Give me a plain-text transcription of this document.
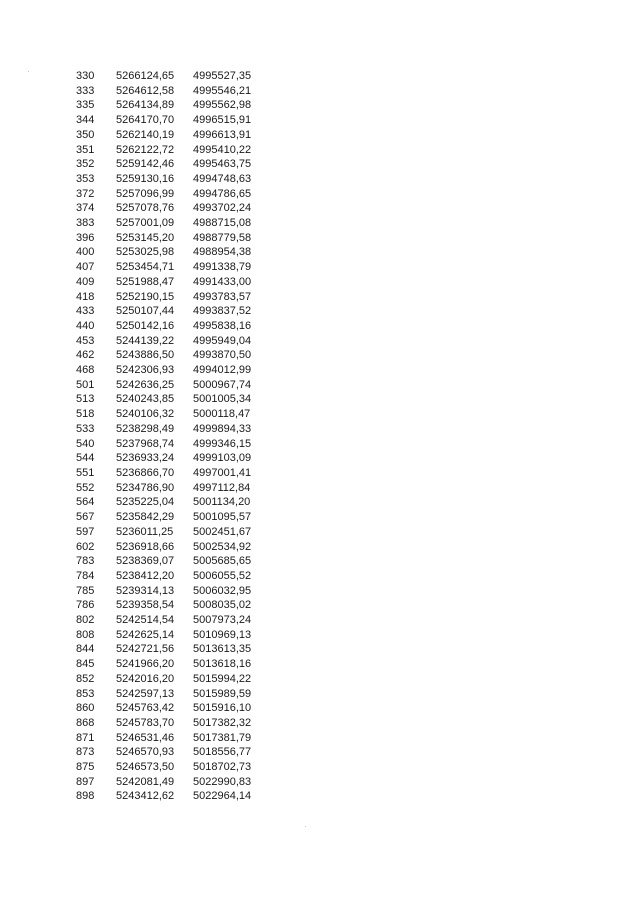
330	5266124,65	4995527,35
333	5264612,58	4995546,21
335	5264134,89	4995562,98
344	5264170,70	4996515,91
350	5262140,19	4996613,91
351	5262122,72	4995410,22
352	5259142,46	4995463,75
353	5259130,16	4994748,63
372	5257096,99	4994786,65
374	5257078,76	4993702,24
383	5257001,09	4988715,08
396	5253145,20	4988779,58
400	5253025,98	4988954,38
407	5253454,71	4991338,79
409	5251988,47	4991433,00
418	5252190,15	4993783,57
433	5250107,44	4993837,52
440	5250142,16	4995838,16
453	5244139,22	4995949,04
462	5243886,50	4993870,50
468	5242306,93	4994012,99
501	5242636,25	5000967,74
513	5240243,85	5001005,34
518	5240106,32	5000118,47
533	5238298,49	4999894,33
540	5237968,74	4999346,15
544	5236933,24	4999103,09
551	5236866,70	4997001,41
552	5234786,90	4997112,84
564	5235225,04	5001134,20
567	5235842,29	5001095,57
597	5236011,25	5002451,67
602	5236918,66	5002534,92
783	5238369,07	5005685,65
784	5238412,20	5006055,52
785	5239314,13	5006032,95
786	5239358,54	5008035,02
802	5242514,54	5007973,24
808	5242625,14	5010969,13
844	5242721,56	5013613,35
845	5241966,20	5013618,16
852	5242016,20	5015994,22
853	5242597,13	5015989,59
860	5245763,42	5015916,10
868	5245783,70	5017382,32
871	5246531,46	5017381,79
873	5246570,93	5018556,77
875	5246573,50	5018702,73
897	5242081,49	5022990,83
898	5243412,62	5022964,14
